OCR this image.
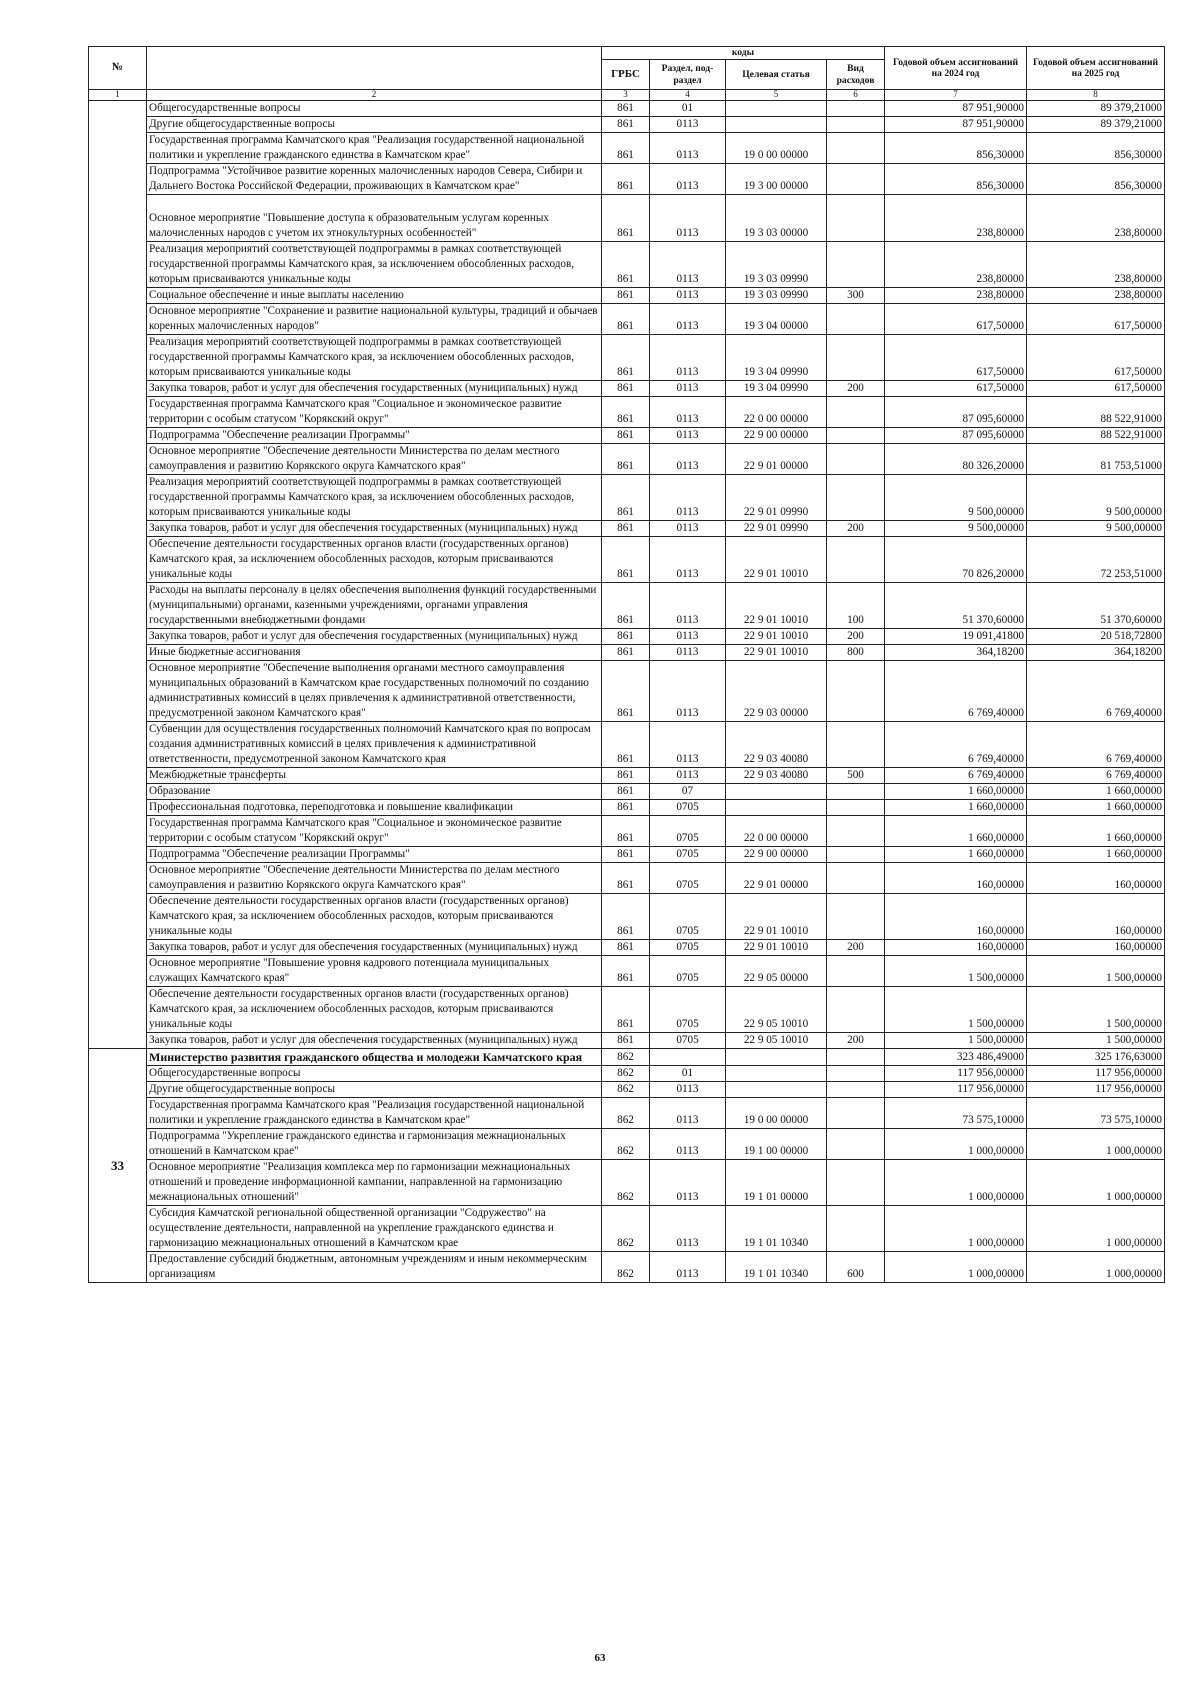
№		коды				Годовой объем ассигнований на 2024 год	Годовой объем ассигнований на 2025 год
		ГРБС	Раздел, под-раздел	Целевая статья	Вид расходов		
1	2	3	4	5	6	7	8
	Общегосударственные вопросы	861	01			87 951,90000	89 379,21000
	Другие общегосударственные вопросы	861	0113			87 951,90000	89 379,21000
	Государственная программа Камчатского края "Реализация государственной национальной политики и укрепление гражданского единства в Камчатском крае"	861	0113	19 0 00 00000		856,30000	856,30000
	Подпрограмма "Устойчивое развитие коренных малочисленных народов Севера, Сибири и Дальнего Востока Российской Федерации, проживающих в Камчатском крае"	861	0113	19 3 00 00000		856,30000	856,30000
	Основное мероприятие "Повышение доступа к образовательным услугам коренных малочисленных народов с учетом их этнокультурных особенностей"	861	0113	19 3 03 00000		238,80000	238,80000
	Реализация мероприятий соответствующей подпрограммы в рамках соответствующей государственной программы Камчатского края, за исключением обособленных расходов, которым присваиваются уникальные коды	861	0113	19 3 03 09990		238,80000	238,80000
	Социальное обеспечение и иные выплаты населению	861	0113	19 3 03 09990	300	238,80000	238,80000
	Основное мероприятие "Сохранение и развитие национальной культуры, традиций и обычаев коренных малочисленных народов"	861	0113	19 3 04 00000		617,50000	617,50000
	Реализация мероприятий соответствующей подпрограммы в рамках соответствующей государственной программы Камчатского края, за исключением обособленных расходов, которым присваиваются уникальные коды	861	0113	19 3 04 09990		617,50000	617,50000
	Закупка товаров, работ и услуг для обеспечения государственных (муниципальных) нужд	861	0113	19 3 04 09990	200	617,50000	617,50000
	Государственная программа Камчатского края "Социальное и экономическое развитие территории с особым статусом "Корякский округ"	861	0113	22 0 00 00000		87 095,60000	88 522,91000
	Подпрограмма "Обеспечение реализации Программы"	861	0113	22 9 00 00000		87 095,60000	88 522,91000
	Основное мероприятие "Обеспечение деятельности Министерства по делам местного самоуправления и развитию Корякского округа Камчатского края"	861	0113	22 9 01 00000		80 326,20000	81 753,51000
	Реализация мероприятий соответствующей подпрограммы в рамках соответствующей государственной программы Камчатского края, за исключением обособленных расходов, которым присваиваются уникальные коды	861	0113	22 9 01 09990		9 500,00000	9 500,00000
	Закупка товаров, работ и услуг для обеспечения государственных (муниципальных) нужд	861	0113	22 9 01 09990	200	9 500,00000	9 500,00000
	Обеспечение деятельности государственных органов власти (государственных органов) Камчатского края, за исключением обособленных расходов, которым присваиваются уникальные коды	861	0113	22 9 01 10010		70 826,20000	72 253,51000
	Расходы на выплаты персоналу в целях обеспечения выполнения функций государственными (муниципальными) органами, казенными учреждениями, органами управления государственными внебюджетными фондами	861	0113	22 9 01 10010	100	51 370,60000	51 370,60000
	Закупка товаров, работ и услуг для обеспечения государственных (муниципальных) нужд	861	0113	22 9 01 10010	200	19 091,41800	20 518,72800
	Иные бюджетные ассигнования	861	0113	22 9 01 10010	800	364,18200	364,18200
	Основное мероприятие "Обеспечение выполнения органами местного самоуправления муниципальных образований в Камчатском крае государственных полномочий по созданию административных комиссий в целях привлечения к административной ответственности, предусмотренной законом Камчатского края"	861	0113	22 9 03 00000		6 769,40000	6 769,40000
	Субвенции для осуществления государственных полномочий Камчатского края по вопросам создания административных комиссий в целях привлечения к административной ответственности, предусмотренной законом Камчатского края	861	0113	22 9 03 40080		6 769,40000	6 769,40000
	Межбюджетные трансферты	861	0113	22 9 03 40080	500	6 769,40000	6 769,40000
	Образование	861	07			1 660,00000	1 660,00000
	Профессиональная подготовка, переподготовка и повышение квалификации	861	0705			1 660,00000	1 660,00000
	Государственная программа Камчатского края "Социальное и экономическое развитие территории с особым статусом "Корякский округ"	861	0705	22 0 00 00000		1 660,00000	1 660,00000
	Подпрограмма "Обеспечение реализации Программы"	861	0705	22 9 00 00000		1 660,00000	1 660,00000
	Основное мероприятие "Обеспечение деятельности Министерства по делам местного самоуправления и развитию Корякского округа Камчатского края"	861	0705	22 9 01 00000		160,00000	160,00000
	Обеспечение деятельности государственных органов власти (государственных органов) Камчатского края, за исключением обособленных расходов, которым присваиваются уникальные коды	861	0705	22 9 01 10010		160,00000	160,00000
	Закупка товаров, работ и услуг для обеспечения государственных (муниципальных) нужд	861	0705	22 9 01 10010	200	160,00000	160,00000
	Основное мероприятие "Повышение уровня кадрового потенциала муниципальных служащих Камчатского края"	861	0705	22 9 05 00000		1 500,00000	1 500,00000
	Обеспечение деятельности государственных органов власти (государственных органов) Камчатского края, за исключением обособленных расходов, которым присваиваются уникальные коды	861	0705	22 9 05 10010		1 500,00000	1 500,00000
	Закупка товаров, работ и услуг для обеспечения государственных (муниципальных) нужд	861	0705	22 9 05 10010	200	1 500,00000	1 500,00000
33	Министерство развития гражданского общества и молодежи Камчатского края	862				323 486,49000	325 176,63000
	Общегосударственные вопросы	862	01			117 956,00000	117 956,00000
	Другие общегосударственные вопросы	862	0113			117 956,00000	117 956,00000
	Государственная программа Камчатского края "Реализация государственной национальной политики и укрепление гражданского единства в Камчатском крае"	862	0113	19 0 00 00000		73 575,10000	73 575,10000
	Подпрограмма "Укрепление гражданского единства и гармонизация межнациональных отношений в Камчатском крае"	862	0113	19 1 00 00000		1 000,00000	1 000,00000
	Основное мероприятие "Реализация комплекса мер по гармонизации межнациональных отношений и проведение информационной кампании, направленной на гармонизацию межнациональных отношений"	862	0113	19 1 01 00000		1 000,00000	1 000,00000
	Субсидия Камчатской региональной общественной организации "Содружество" на осуществление деятельности, направленной на укрепление гражданского единства и гармонизацию межнациональных отношений в Камчатском крае	862	0113	19 1 01 10340		1 000,00000	1 000,00000
	Предоставление субсидий бюджетным, автономным учреждениям и иным некоммерческим организациям	862	0113	19 1 01 10340	600	1 000,00000	1 000,00000
63
